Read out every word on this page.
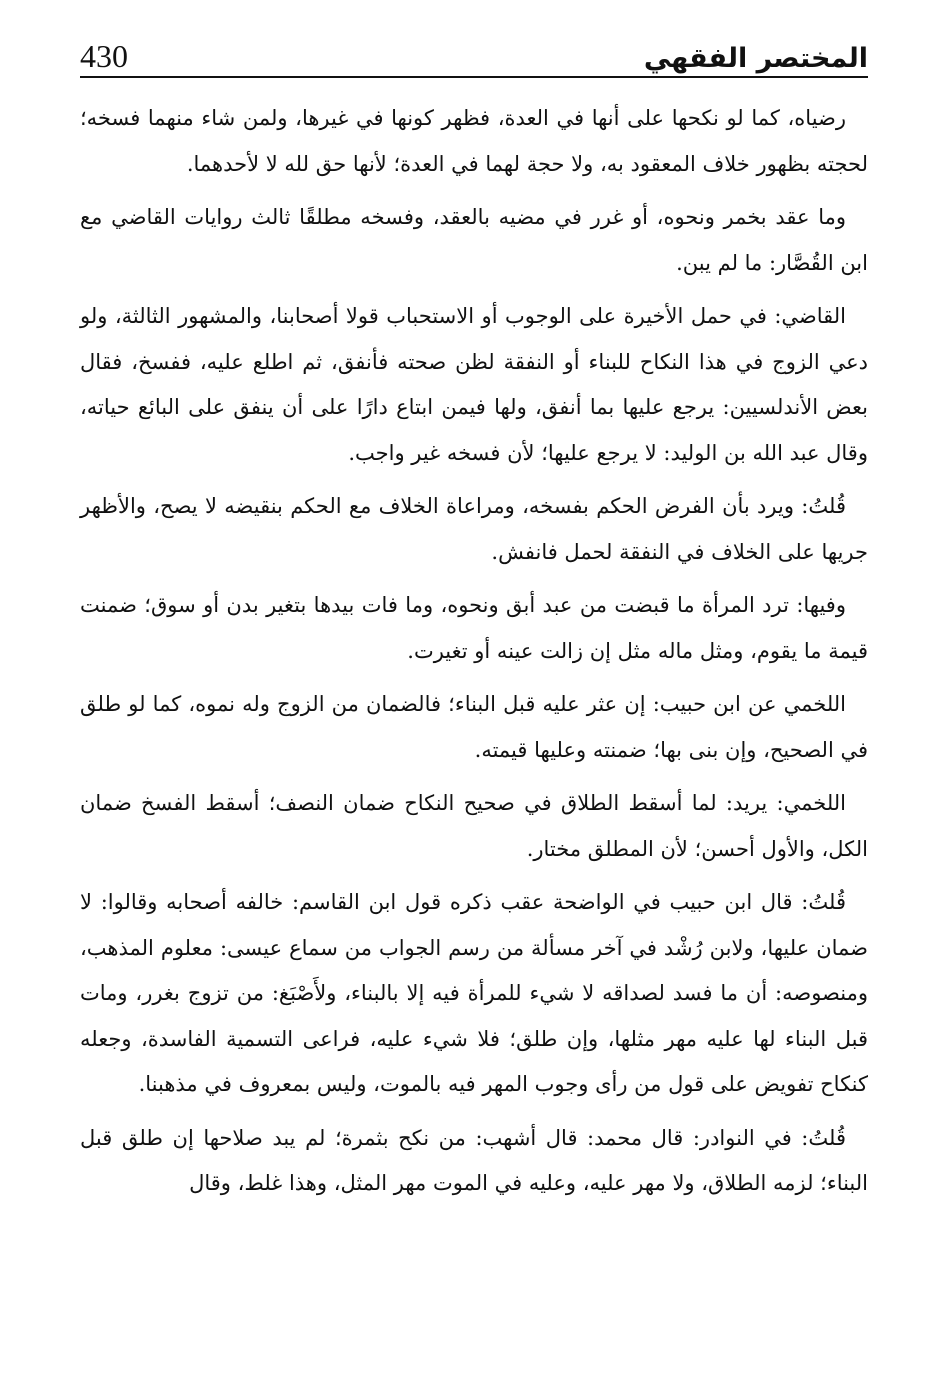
430	المختصر الفقهي

رضياه، كما لو نكحها على أنها في العدة، فظهر كونها في غيرها، ولمن شاء منهما فسخه؛ لحجته بظهور خلاف المعقود به، ولا حجة لهما في العدة؛ لأنها حق لله لا لأحدهما.

وما عقد بخمر ونحوه، أو غرر في مضيه بالعقد، وفسخه مطلقًا ثالث روايات القاضي مع ابن القُصَّار: ما لم يبن.

القاضي: في حمل الأخيرة على الوجوب أو الاستحباب قولا أصحابنا، والمشهور الثالثة، ولو دعي الزوج في هذا النكاح للبناء أو النفقة لظن صحته فأنفق، ثم اطلع عليه، ففسخ، فقال بعض الأندلسيين: يرجع عليها بما أنفق، ولها فيمن ابتاع دارًا على أن ينفق على البائع حياته، وقال عبد الله بن الوليد: لا يرجع عليها؛ لأن فسخه غير واجب.

قُلتُ: ويرد بأن الفرض الحكم بفسخه، ومراعاة الخلاف مع الحكم بنقيضه لا يصح، والأظهر جريها على الخلاف في النفقة لحمل فانفش.

وفيها: ترد المرأة ما قبضت من عبد أبق ونحوه، وما فات بيدها بتغير بدن أو سوق؛ ضمنت قيمة ما يقوم، ومثل ماله مثل إن زالت عينه أو تغيرت.

اللخمي عن ابن حبيب: إن عثر عليه قبل البناء؛ فالضمان من الزوج وله نموه، كما لو طلق في الصحيح، وإن بنى بها؛ ضمنته وعليها قيمته.

اللخمي: يريد: لما أسقط الطلاق في صحيح النكاح ضمان النصف؛ أسقط الفسخ ضمان الكل، والأول أحسن؛ لأن المطلق مختار.

قُلتُ: قال ابن حبيب في الواضحة عقب ذكره قول ابن القاسم: خالفه أصحابه وقالوا: لا ضمان عليها، ولابن رُشْد في آخر مسألة من رسم الجواب من سماع عيسى: معلوم المذهب، ومنصوصه: أن ما فسد لصداقه لا شيء للمرأة فيه إلا بالبناء، ولأَصْبَغ: من تزوج بغرر، ومات قبل البناء لها عليه مهر مثلها، وإن طلق؛ فلا شيء عليه، فراعى التسمية الفاسدة، وجعله كنكاح تفويض على قول من رأى وجوب المهر فيه بالموت، وليس بمعروف في مذهبنا.

قُلتُ: في النوادر: قال محمد: قال أشهب: من نكح بثمرة؛ لم يبد صلاحها إن طلق قبل البناء؛ لزمه الطلاق، ولا مهر عليه، وعليه في الموت مهر المثل، وهذا غلط، وقال
